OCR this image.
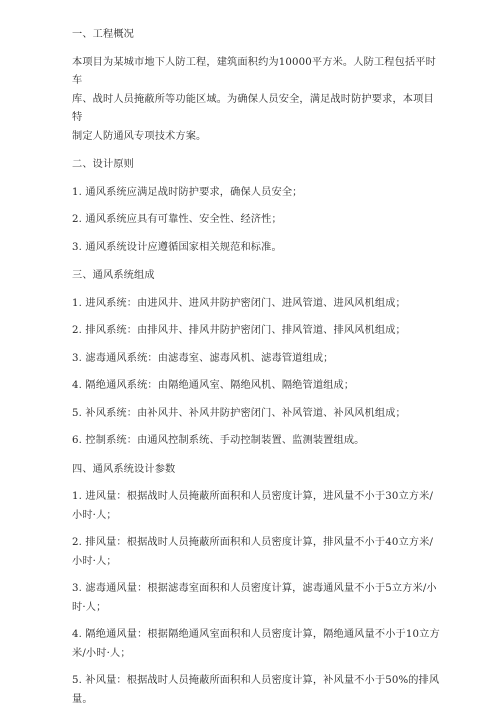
一、工程概况

本项目为某城市地下人防工程，建筑面积约为10000平方米。人防工程包括平时车

库、战时人员掩蔽所等功能区域。为确保人员安全，满足战时防护要求，本项目特

制定人防通风专项技术方案。

二、设计原则

1. 通风系统应满足战时防护要求，确保人员安全；

2. 通风系统应具有可靠性、安全性、经济性；

3. 通风系统设计应遵循国家相关规范和标准。

三、通风系统组成

1. 进风系统：由进风井、进风井防护密闭门、进风管道、进风风机组成；

2. 排风系统：由排风井、排风井防护密闭门、排风管道、排风风机组成；

3. 滤毒通风系统：由滤毒室、滤毒风机、滤毒管道组成；

4. 隔绝通风系统：由隔绝通风室、隔绝风机、隔绝管道组成；

5. 补风系统：由补风井、补风井防护密闭门、补风管道、补风风机组成；

6. 控制系统：由通风控制系统、手动控制装置、监测装置组成。

四、通风系统设计参数

1. 进风量：根据战时人员掩蔽所面积和人员密度计算，进风量不小于30立方米/

小时·人；

2. 排风量：根据战时人员掩蔽所面积和人员密度计算，排风量不小于40立方米/

小时·人；

3. 滤毒通风量：根据滤毒室面积和人员密度计算，滤毒通风量不小于5立方米/小

时·人；

4. 隔绝通风量：根据隔绝通风室面积和人员密度计算，隔绝通风量不小于10立方

米/小时·人；

5. 补风量：根据战时人员掩蔽所面积和人员密度计算，补风量不小于50%的排风

量。
